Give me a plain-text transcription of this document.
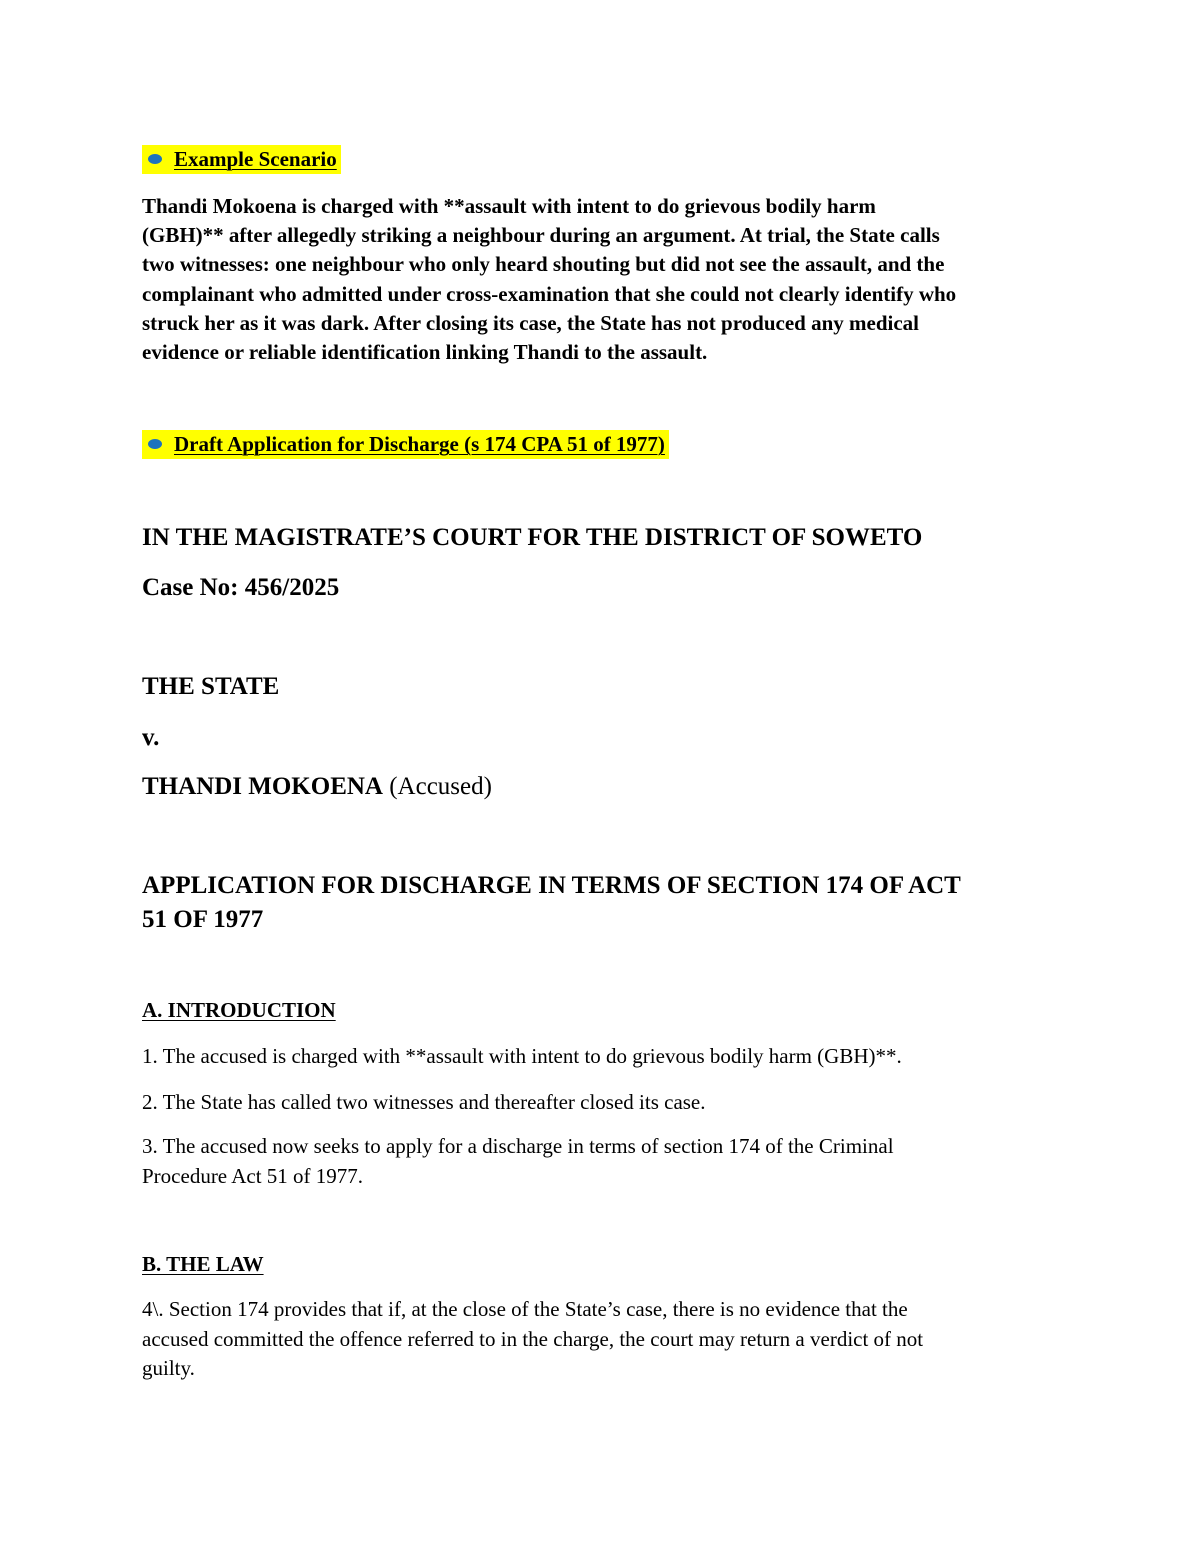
Example Scenario
Thandi Mokoena is charged with **assault with intent to do grievous bodily harm
(GBH)** after allegedly striking a neighbour during an argument. At trial, the State calls
two witnesses: one neighbour who only heard shouting but did not see the assault, and the
complainant who admitted under cross-examination that she could not clearly identify who
struck her as it was dark. After closing its case, the State has not produced any medical
evidence or reliable identification linking Thandi to the assault.
Draft Application for Discharge (s 174 CPA 51 of 1977)
IN THE MAGISTRATE’S COURT FOR THE DISTRICT OF SOWETO
Case No: 456/2025
THE STATE
v.
THANDI MOKOENA (Accused)
APPLICATION FOR DISCHARGE IN TERMS OF SECTION 174 OF ACT
51 OF 1977
A. INTRODUCTION
1. The accused is charged with **assault with intent to do grievous bodily harm (GBH)**.
2. The State has called two witnesses and thereafter closed its case.
3. The accused now seeks to apply for a discharge in terms of section 174 of the Criminal
Procedure Act 51 of 1977.
B. THE LAW
4\. Section 174 provides that if, at the close of the State’s case, there is no evidence that the
accused committed the offence referred to in the charge, the court may return a verdict of not
guilty.
